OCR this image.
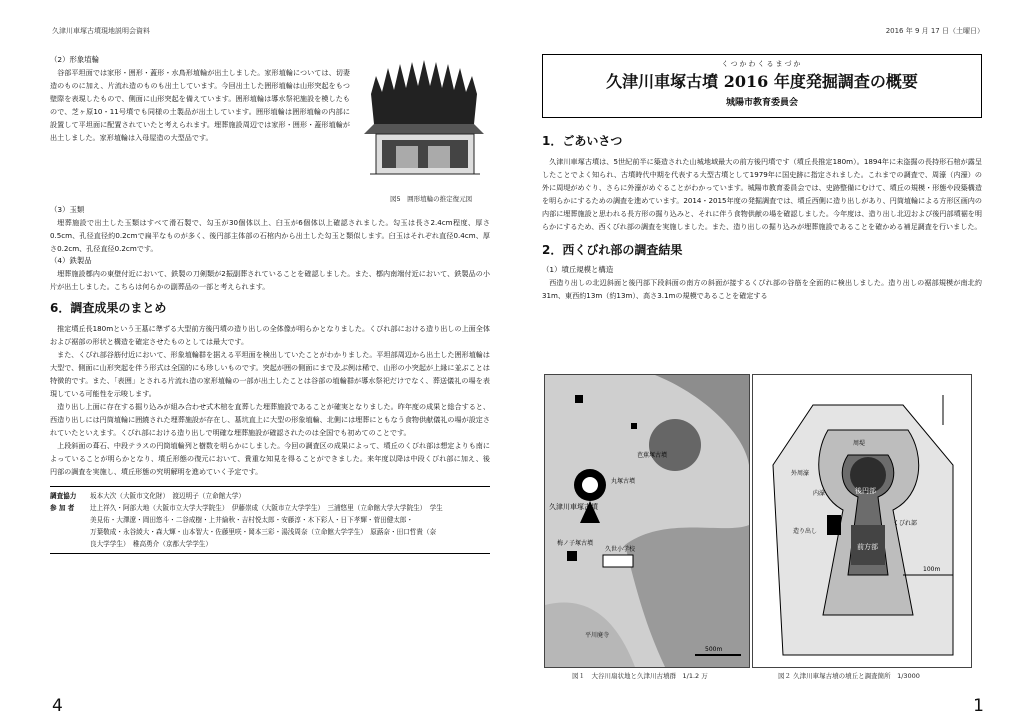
久津川車塚古墳現地説明会資料	2016 年 9 月 17 日（土曜日）

（2）形象埴輪

谷部平坦面では家形・囲形・蓋形・水鳥形埴輪が出土しました。家形埴輪については、切妻造のものに加え、片流れ造のものも出土しています。今回出土した囲形埴輪は山形突起をもつ壁際を表現したもので、側面に山形突起を備えています。囲形埴輪は導水祭祀施設を模したもので、芝ヶ原10・11号墳でも同様の土製品が出土しています。囲形埴輪は囲形埴輪の内部に設置して平坦面に配置されていたと考えられます。埋葬施設周辺では家形・囲形・蓋形埴輪が出土しました。家形埴輪は入母屋造の大型品です。

図5　囲形埴輪の推定復元図

（3）玉類

埋葬施設で出土した玉類はすべて滑石製で、勾玉が30個体以上、臼玉が6個体以上確認されました。勾玉は長さ2.4cm程度、厚さ0.5cm、孔径直径約0.2cmで扁平なものが多く、後円部主体部の石棺内から出土した勾玉と類似します。臼玉はそれぞれ直径0.4cm、厚さ0.2cm、孔径直径0.2cmです。

（4）鉄製品

埋葬施設槨内の東壁付近において、鉄製の刀剣類が2振副葬されていることを確認しました。また、槨内南端付近において、鉄製品の小片が出土しました。こちらは何らかの副葬品の一部と考えられます。

6．調査成果のまとめ

推定墳丘長180mという王墓に準ずる大型前方後円墳の造り出しの全体像が明らかとなりました。くびれ部における造り出しの上面全体および裾部の形状と構造を確定させたものとしては最大です。

また、くびれ部谷筋付近において、形象埴輪群を据える平坦面を検出していたことがわかりました。平坦部周辺から出土した囲形埴輪は大型で、側面に山形突起を伴う形式は全国的にも珍しいものです。突起が囲の側面にまで及ぶ例は稀で、山形の小突起が上縁に並ぶことは特徴的です。また、「表囲」とされる片流れ造の家形埴輪の一部が出土したことは谷部の埴輪群が導水祭祀だけでなく、葬送儀礼の場を表現している可能性を示唆します。

造り出し上面に存在する掘り込みが組み合わせ式木棺を直葬した埋葬施設であることが確実となりました。昨年度の成果と総合すると、西造り出しには円筒埴輪に囲繞された埋葬施設が存在し、墓坑直上に大型の形象埴輪、北側には埋葬にともなう食物供献儀礼の場が設定されていたといえます。くびれ部における造り出しで明確な埋葬施設が確認されたのは全国でも初めてのことです。

上段斜面の葺石、中段テラスの円筒埴輪列と樹数を明らかにしました。今回の調査区の成果によって、墳丘のくびれ部は想定よりも南によっていることが明らかとなり、墳丘形態の復元において、貴重な知見を得ることができました。来年度以降は中段くびれ部に加え、後円部の調査を実施し、墳丘形態の究明解明を進めていく予定です。

調査協力	坂本大次（大阪市文化財）　渡辺明子（立命館大学）
参 加 者	辻上祥久・阿部大地（大阪市立大学大学院生）　伊藤崇成（大阪市立大学学生）　三浦悠里（立命館大学大学院生）　学生
美見佑・大澤遼・岡田悠斗・二谷成樹・上井綸秋・吉村悦太郎・安藤淳・木下彩人・日下孝輝・菅田健太郎・
万葉敬成・永谷綾大・森大輝・山本智大・佐藤里咲・岡本三彩・湯浅周奈（立命館大学学生）　原蕗奈・田口哲貴（奈
良大学学生）　稚高勇介（京都大学学生）
4
くつかわくるまづか
久津川車塚古墳 2016 年度発掘調査の概要
城陽市教育委員会
1．ごあいさつ

久津川車塚古墳は、5世紀前半に築造された山城地域最大の前方後円墳です（墳丘長推定180m）。1894年に未盗掘の長持形石棺が露呈したことでよく知られ、古墳時代中期を代表する大型古墳として1979年に国史跡に指定されました。これまでの調査で、周濠（内濠）の外に周堤がめぐり、さらに外濠がめぐることがわかっています。城陽市教育委員会では、史跡整備にむけて、墳丘の規模・形態や段築構造を明らかにするための調査を進めています。2014・2015年度の発掘調査では、墳丘西側に造り出しがあり、円筒埴輪による方形区画内の内部に埋葬施設と思われる長方形の掘り込みと、それに伴う食物供献の場を確認しました。今年度は、造り出し北辺および後円部墳裾を明らかにするため、西くびれ部の調査を実施しました。また、造り出しの掘り込みが埋葬施設であることを確かめる補足調査を行いました。

2．西くびれ部の調査結果

（1）墳丘規模と構造

西造り出しの北辺斜面と後円部下段斜面の南方の斜面が接するくびれ部の谷筋を全面的に検出しました。造り出しの裾部規模が南北約31m、東西約13m（約13m）、高さ3.1mの規模であることを確定する

久津川車塚古墳
芭蕉塚古墳
丸塚古墳
梅ノ子塚古墳
久世小学校
平川廃寺
500m
図１　大谷川扇状地と久津川古墳群　1/1.2 万
周堤
外周濠
内濠	後円部
造り出し
くびれ部
前方部
100m
図２ 久津川車塚古墳の墳丘と調査箇所　1/3000
1
